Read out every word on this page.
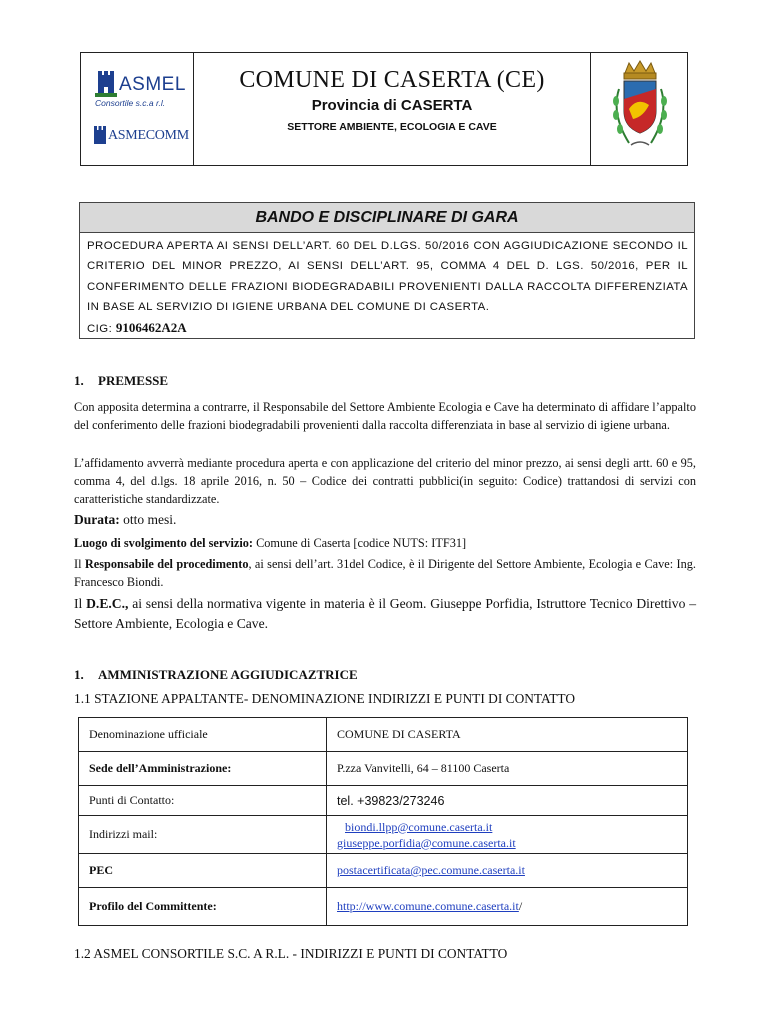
ASMEL
Consortile s.c.a r.l.
ASMECOMM
COMUNE DI CASERTA (CE)
Provincia di CASERTA
SETTORE AMBIENTE, ECOLOGIA E CAVE
BANDO E DISCIPLINARE DI GARA
PROCEDURA APERTA AI SENSI DELL’ART. 60 DEL D.LGS. 50/2016 CON AGGIUDICAZIONE SECONDO IL CRITERIO DEL MINOR PREZZO, AI SENSI DELL’ART. 95, COMMA 4 DEL D. LGS. 50/2016, PER IL CONFERIMENTO DELLE FRAZIONI BIODEGRADABILI PROVENIENTI DALLA RACCOLTA DIFFERENZIATA IN BASE AL SERVIZIO DI IGIENE URBANA DEL COMUNE DI CASERTA.
CIG: 9106462A2A
1. PREMESSE

Con apposita determina a contrarre, il Responsabile del Settore Ambiente Ecologia e Cave ha determinato di affidare l’appalto del conferimento delle frazioni biodegradabili provenienti dalla raccolta differenziata in base al servizio di igiene urbana.

L’affidamento avverrà mediante procedura aperta e con applicazione del criterio del minor prezzo, ai sensi degli artt. 60 e 95, comma 4, del d.lgs. 18 aprile 2016, n. 50 – Codice dei contratti pubblici(in seguito: Codice) trattandosi di servizi con caratteristiche standardizzate.

Durata: otto mesi.

Luogo di svolgimento del servizio: Comune di Caserta [codice NUTS: ITF31]

Il Responsabile del procedimento, ai sensi dell’art. 31del Codice, è il Dirigente del Settore Ambiente, Ecologia e Cave: Ing. Francesco Biondi.

Il D.E.C., ai sensi della normativa vigente in materia è il Geom. Giuseppe Porfidia, Istruttore Tecnico Direttivo – Settore Ambiente, Ecologia e Cave.

1. AMMINISTRAZIONE AGGIUDICAZTRICE
1.1 STAZIONE APPALTANTE- DENOMINAZIONE INDIRIZZI E PUNTI DI CONTATTO
Denominazione ufficiale	COMUNE DI CASERTA
Sede dell’Amministrazione:	P.zza Vanvitelli, 64 – 81100 Caserta
Punti di Contatto:	tel. +39823/273246
Indirizzi mail:	biondi.llpp@comune.caserta.it
giuseppe.porfidia@comune.caserta.it
PEC	postacertificata@pec.comune.caserta.it
Profilo del Committente:	http://www.comune.comune.caserta.it/
1.2 ASMEL CONSORTILE S.C. A R.L. - INDIRIZZI E PUNTI DI CONTATTO
